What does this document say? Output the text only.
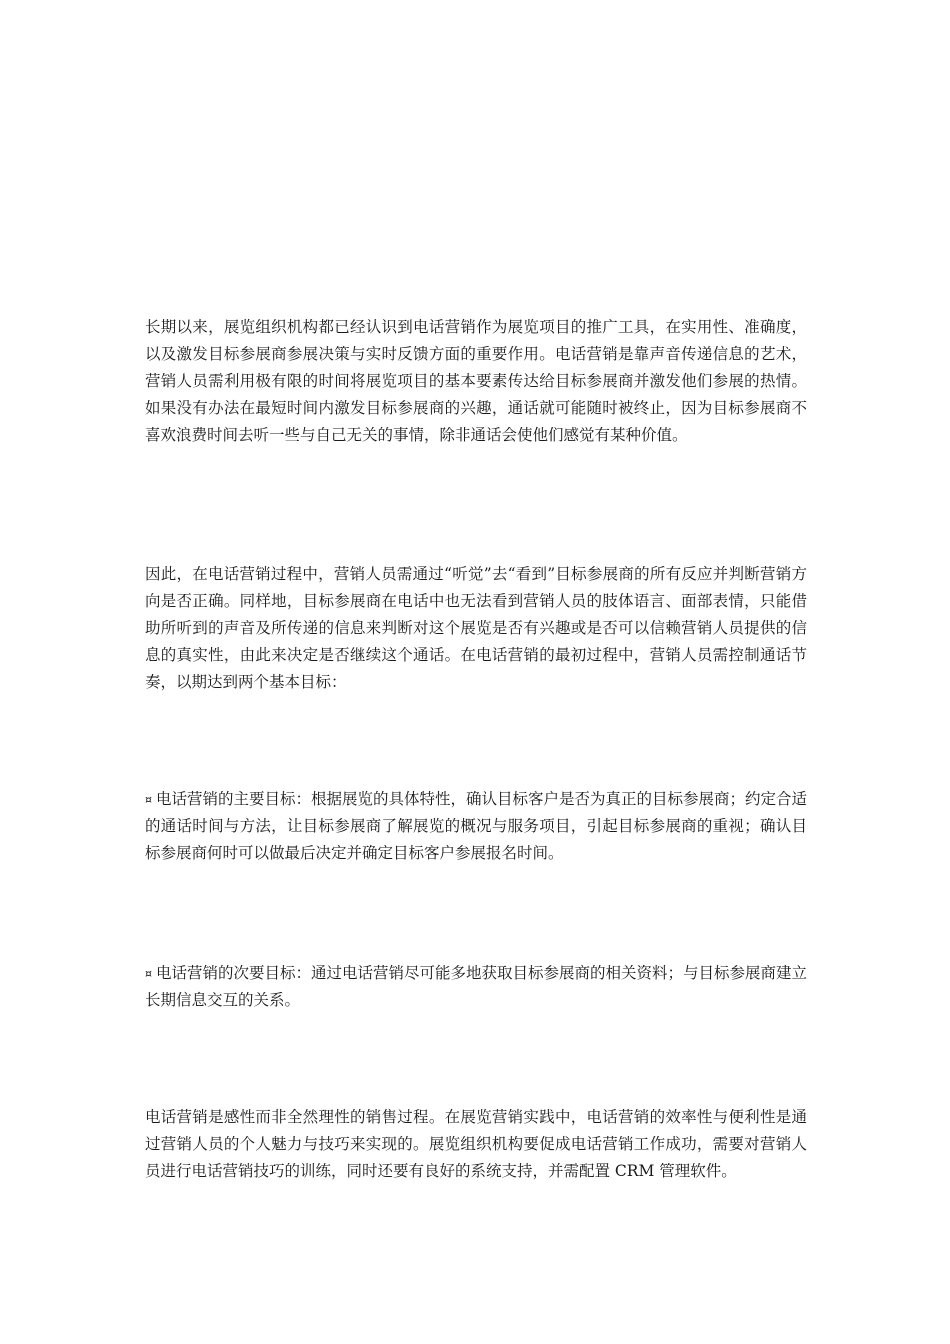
长期以来，展览组织机构都已经认识到电话营销作为展览项目的推广工具，在实用性、准确度，以及激发目标参展商参展决策与实时反馈方面的重要作用。电话营销是靠声音传递信息的艺术，营销人员需利用极有限的时间将展览项目的基本要素传达给目标参展商并激发他们参展的热情。如果没有办法在最短时间内激发目标参展商的兴趣，通话就可能随时被终止，因为目标参展商不喜欢浪费时间去听一些与自己无关的事情，除非通话会使他们感觉有某种价值。

因此，在电话营销过程中，营销人员需通过“听觉”去“看到”目标参展商的所有反应并判断营销方向是否正确。同样地，目标参展商在电话中也无法看到营销人员的肢体语言、面部表情，只能借助所听到的声音及所传递的信息来判断对这个展览是否有兴趣或是否可以信赖营销人员提供的信息的真实性，由此来决定是否继续这个通话。在电话营销的最初过程中，营销人员需控制通话节奏，以期达到两个基本目标：

¤ 电话营销的主要目标：根据展览的具体特性，确认目标客户是否为真正的目标参展商；约定合适的通话时间与方法，让目标参展商了解展览的概况与服务项目，引起目标参展商的重视；确认目标参展商何时可以做最后决定并确定目标客户参展报名时间。

¤ 电话营销的次要目标：通过电话营销尽可能多地获取目标参展商的相关资料；与目标参展商建立长期信息交互的关系。

电话营销是感性而非全然理性的销售过程。在展览营销实践中，电话营销的效率性与便利性是通过营销人员的个人魅力与技巧来实现的。展览组织机构要促成电话营销工作成功，需要对营销人员进行电话营销技巧的训练，同时还要有良好的系统支持，并需配置 CRM 管理软件。
